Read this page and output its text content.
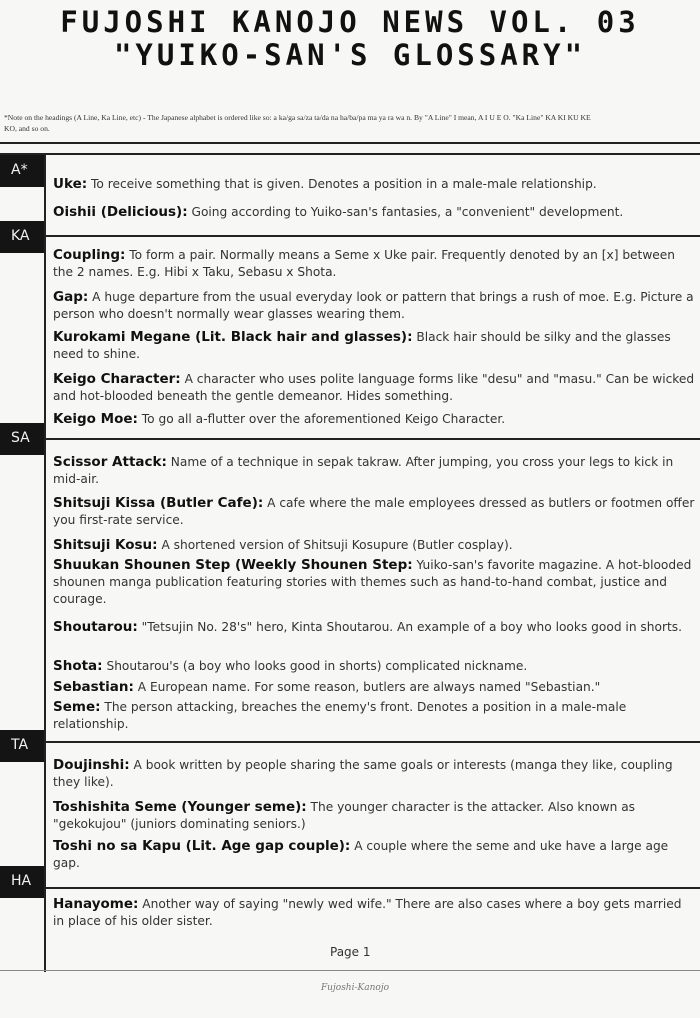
FUJOSHI KANOJO NEWS VOL. 03 "YUIKO-SAN'S GLOSSARY"
*Note on the headings (A Line, Ka Line, etc) - The Japanese alphabet is ordered like so: a ka/ga sa/za ta/da na ha/ba/pa ma ya ra wa n. By "A Line" I mean, A I U E O. "Ka Line" KA KI KU KE KO, and so on.
A*
KA
SA
TA
HA
Uke: To receive something that is given. Denotes a position in a male-male relationship.
Oishii (Delicious): Going according to Yuiko-san's fantasies, a "convenient" development.
Coupling: To form a pair. Normally means a Seme x Uke pair. Frequently denoted by an [x] between the 2 names. E.g. Hibi x Taku, Sebasu x Shota.
Gap: A huge departure from the usual everyday look or pattern that brings a rush of moe. E.g. Picture a person who doesn't normally wear glasses wearing them.
Kurokami Megane (Lit. Black hair and glasses): Black hair should be silky and the glasses need to shine.
Keigo Character: A character who uses polite language forms like "desu" and "masu." Can be wicked and hot-blooded beneath the gentle demeanor. Hides something.
Keigo Moe: To go all a-flutter over the aforementioned Keigo Character.
Scissor Attack: Name of a technique in sepak takraw. After jumping, you cross your legs to kick in mid-air.
Shitsuji Kissa (Butler Cafe): A cafe where the male employees dressed as butlers or footmen offer you first-rate service.
Shitsuji Kosu: A shortened version of Shitsuji Kosupure (Butler cosplay).
Shuukan Shounen Step (Weekly Shounen Step: Yuiko-san's favorite magazine. A hot-blooded shounen manga publication featuring stories with themes such as hand-to-hand combat, justice and courage.
Shoutarou: "Tetsujin No. 28's" hero, Kinta Shoutarou. An example of a boy who looks good in shorts.
Shota: Shoutarou's (a boy who looks good in shorts) complicated nickname.
Sebastian: A European name. For some reason, butlers are always named "Sebastian."
Seme: The person attacking, breaches the enemy's front. Denotes a position in a male-male relationship.
Doujinshi: A book written by people sharing the same goals or interests (manga they like, coupling they like).
Toshishita Seme (Younger seme): The younger character is the attacker. Also known as "gekokujou" (juniors dominating seniors.)
Toshi no sa Kapu (Lit. Age gap couple): A couple where the seme and uke have a large age gap.
Hanayome: Another way of saying "newly wed wife." There are also cases where a boy gets married in place of his older sister.
Page 1
Fujoshi-Kanojo
